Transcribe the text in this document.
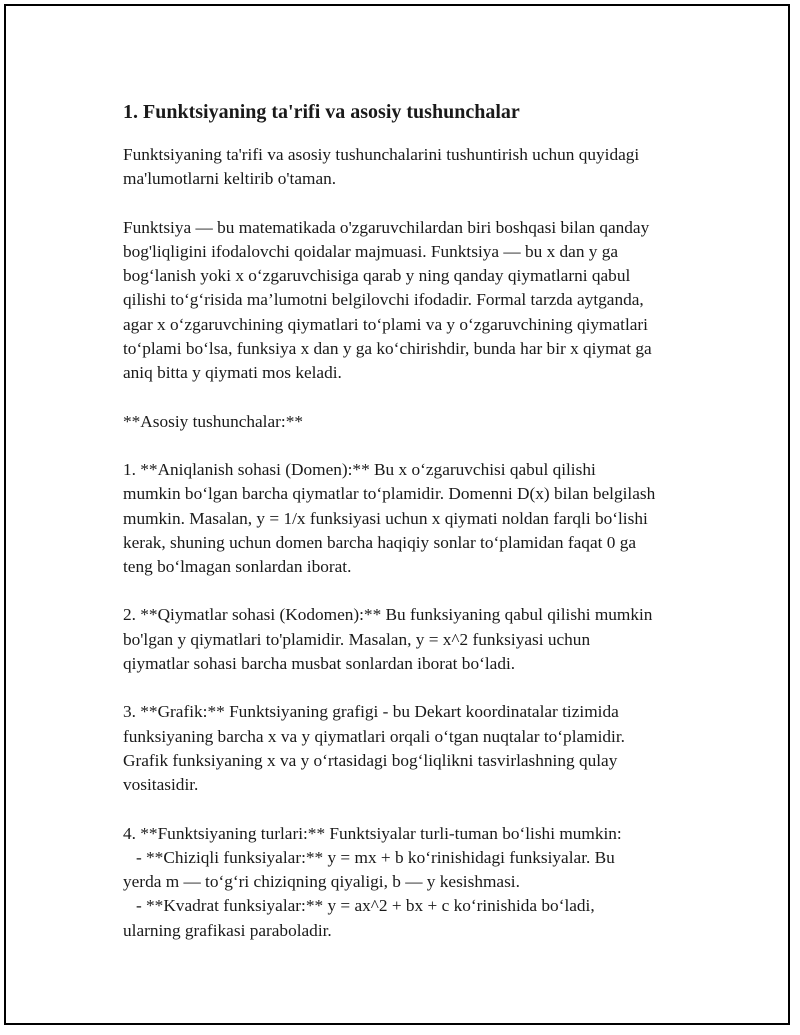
1. Funktsiyaning ta'rifi va asosiy tushunchalar

Funktsiyaning ta'rifi va asosiy tushunchalarini tushuntirish uchun quyidagi
ma'lumotlarni keltirib o'taman.

Funktsiya — bu matematikada o'zgaruvchilardan biri boshqasi bilan qanday
bog'liqligini ifodalovchi qoidalar majmuasi. Funktsiya — bu x dan y ga
bog‘lanish yoki x o‘zgaruvchisiga qarab y ning qanday qiymatlarni qabul
qilishi to‘g‘risida ma’lumotni belgilovchi ifodadir. Formal tarzda aytganda,
agar x o‘zgaruvchining qiymatlari to‘plami va y o‘zgaruvchining qiymatlari
to‘plami bo‘lsa, funksiya x dan y ga ko‘chirishdir, bunda har bir x qiymat ga
aniq bitta y qiymati mos keladi.

**Asosiy tushunchalar:**

1. **Aniqlanish sohasi (Domen):** Bu x o‘zgaruvchisi qabul qilishi
mumkin bo‘lgan barcha qiymatlar to‘plamidir. Domenni D(x) bilan belgilash
mumkin. Masalan, y = 1/x funksiyasi uchun x qiymati noldan farqli bo‘lishi
kerak, shuning uchun domen barcha haqiqiy sonlar to‘plamidan faqat 0 ga
teng bo‘lmagan sonlardan iborat.

2. **Qiymatlar sohasi (Kodomen):** Bu funksiyaning qabul qilishi mumkin
bo'lgan y qiymatlari to'plamidir. Masalan, y = x^2 funksiyasi uchun
qiymatlar sohasi barcha musbat sonlardan iborat bo‘ladi.

3. **Grafik:** Funktsiyaning grafigi - bu Dekart koordinatalar tizimida
funksiyaning barcha x va y qiymatlari orqali o‘tgan nuqtalar to‘plamidir.
Grafik funksiyaning x va y o‘rtasidagi bog‘liqlikni tasvirlashning qulay
vositasidir.

4. **Funktsiyaning turlari:** Funktsiyalar turli-tuman bo‘lishi mumkin:
- **Chiziqli funksiyalar:** y = mx + b ko‘rinishidagi funksiyalar. Bu
yerda m — to‘g‘ri chiziqning qiyaligi, b — y kesishmasi.
- **Kvadrat funksiyalar:** y = ax^2 + bx + c ko‘rinishida bo‘ladi,
ularning grafikasi paraboladir.
